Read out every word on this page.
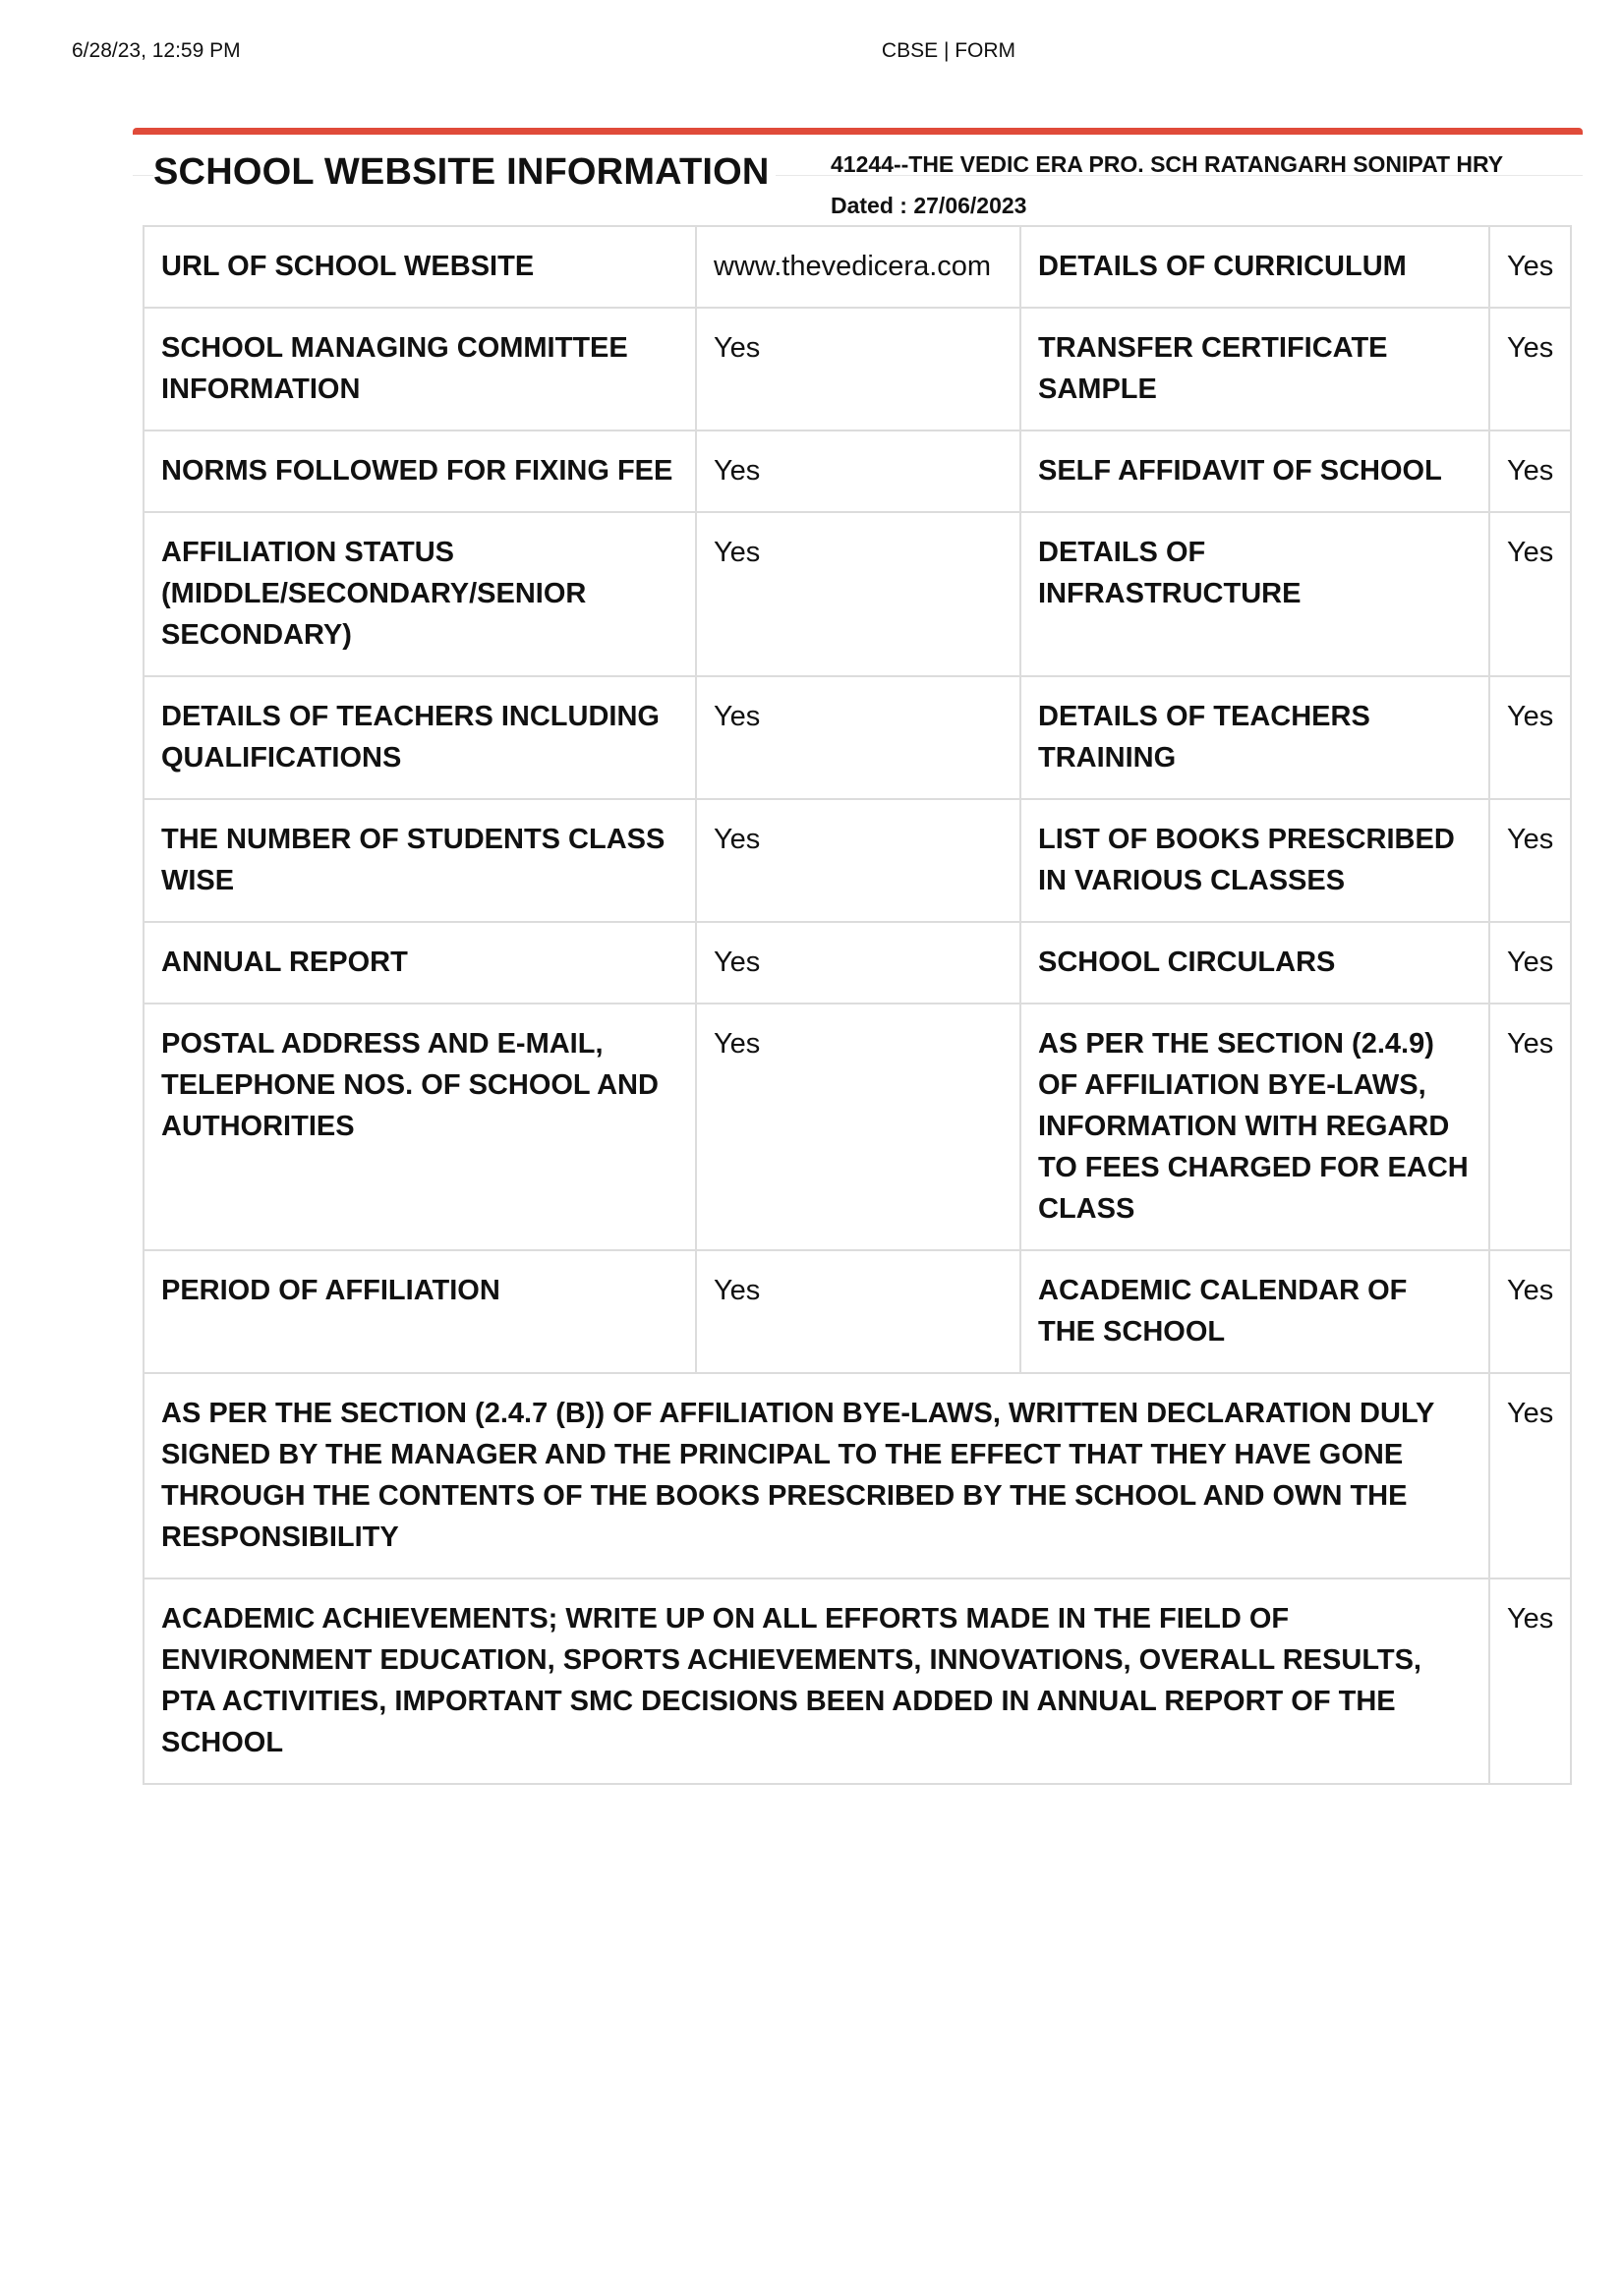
6/28/23, 12:59 PM	CBSE | FORM
SCHOOL WEBSITE INFORMATION	41244--THE VEDIC ERA PRO. SCH RATANGARH SONIPAT HRY
Dated : 27/06/2023
URL OF SCHOOL WEBSITE	www.thevedicera.com	DETAILS OF CURRICULUM	Yes
SCHOOL MANAGING COMMITTEE INFORMATION	Yes	TRANSFER CERTIFICATE SAMPLE	Yes
NORMS FOLLOWED FOR FIXING FEE	Yes	SELF AFFIDAVIT OF SCHOOL	Yes
AFFILIATION STATUS (MIDDLE/SECONDARY/SENIOR SECONDARY)	Yes	DETAILS OF INFRASTRUCTURE	Yes
DETAILS OF TEACHERS INCLUDING QUALIFICATIONS	Yes	DETAILS OF TEACHERS TRAINING	Yes
THE NUMBER OF STUDENTS CLASS WISE	Yes	LIST OF BOOKS PRESCRIBED IN VARIOUS CLASSES	Yes
ANNUAL REPORT	Yes	SCHOOL CIRCULARS	Yes
POSTAL ADDRESS AND E-MAIL, TELEPHONE NOS. OF SCHOOL AND AUTHORITIES	Yes	AS PER THE SECTION (2.4.9) OF AFFILIATION BYE-LAWS, INFORMATION WITH REGARD TO FEES CHARGED FOR EACH CLASS	Yes
PERIOD OF AFFILIATION	Yes	ACADEMIC CALENDAR OF THE SCHOOL	Yes
AS PER THE SECTION (2.4.7 (B)) OF AFFILIATION BYE-LAWS, WRITTEN DECLARATION DULY SIGNED BY THE MANAGER AND THE PRINCIPAL TO THE EFFECT THAT THEY HAVE GONE THROUGH THE CONTENTS OF THE BOOKS PRESCRIBED BY THE SCHOOL AND OWN THE RESPONSIBILITY			Yes
ACADEMIC ACHIEVEMENTS; WRITE UP ON ALL EFFORTS MADE IN THE FIELD OF ENVIRONMENT EDUCATION, SPORTS ACHIEVEMENTS, INNOVATIONS, OVERALL RESULTS, PTA ACTIVITIES, IMPORTANT SMC DECISIONS BEEN ADDED IN ANNUAL REPORT OF THE SCHOOL			Yes
